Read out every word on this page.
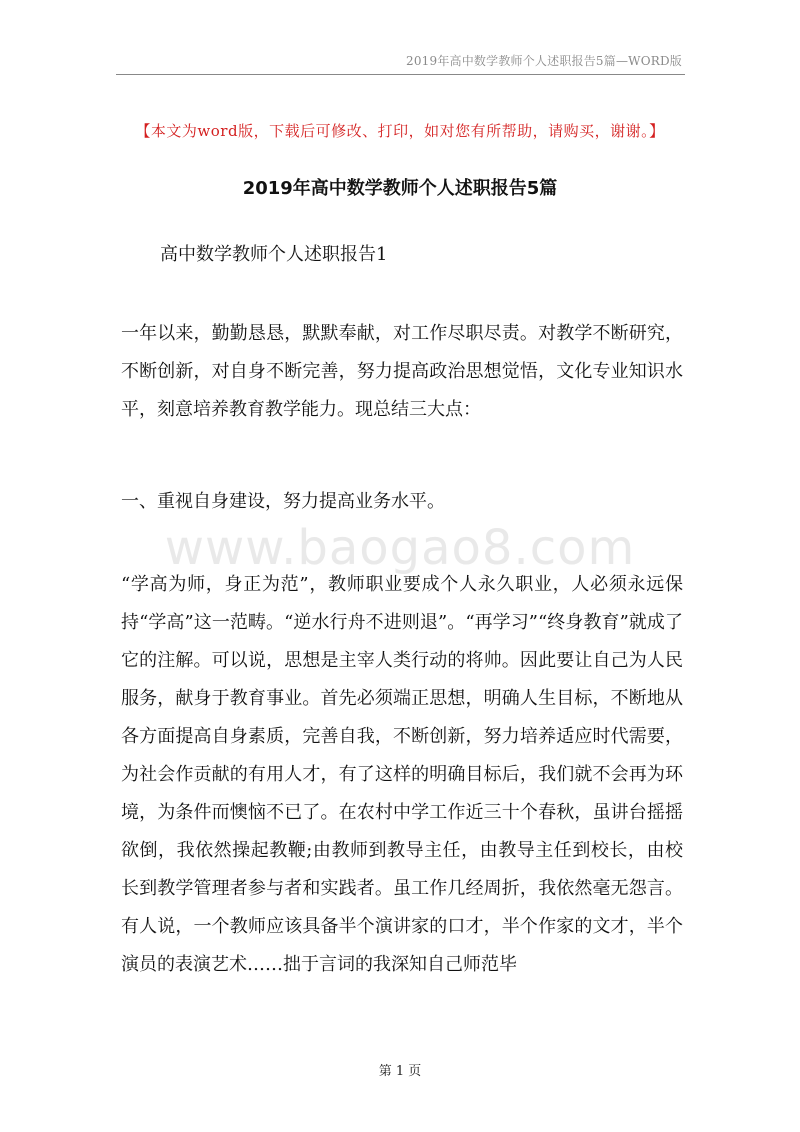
2019年高中数学教师个人述职报告5篇—WORD版
【本文为word版，下载后可修改、打印，如对您有所帮助，请购买，谢谢。】
2019年高中数学教师个人述职报告5篇
高中数学教师个人述职报告1

一年以来，勤勤恳恳，默默奉献，对工作尽职尽责。对教学不断研究，不断创新，对自身不断完善，努力提高政治思想觉悟，文化专业知识水平，刻意培养教育教学能力。现总结三大点：

一、重视自身建设，努力提高业务水平。
www.baogao8.com

“学高为师，身正为范”，教师职业要成个人永久职业，人必须永远保持“学高”这一范畴。“逆水行舟不进则退”。“再学习”“终身教育”就成了它的注解。可以说，思想是主宰人类行动的将帅。因此要让自己为人民服务，献身于教育事业。首先必须端正思想，明确人生目标，不断地从各方面提高自身素质，完善自我，不断创新，努力培养适应时代需要，为社会作贡献的有用人才，有了这样的明确目标后，我们就不会再为环境，为条件而懊恼不已了。在农村中学工作近三十个春秋，虽讲台摇摇欲倒，我依然操起教鞭;由教师到教导主任，由教导主任到校长，由校长到教学管理者参与者和实践者。虽工作几经周折，我依然毫无怨言。有人说，一个教师应该具备半个演讲家的口才，半个作家的文才，半个演员的表演艺术……拙于言词的我深知自己师范毕

第 1 页
